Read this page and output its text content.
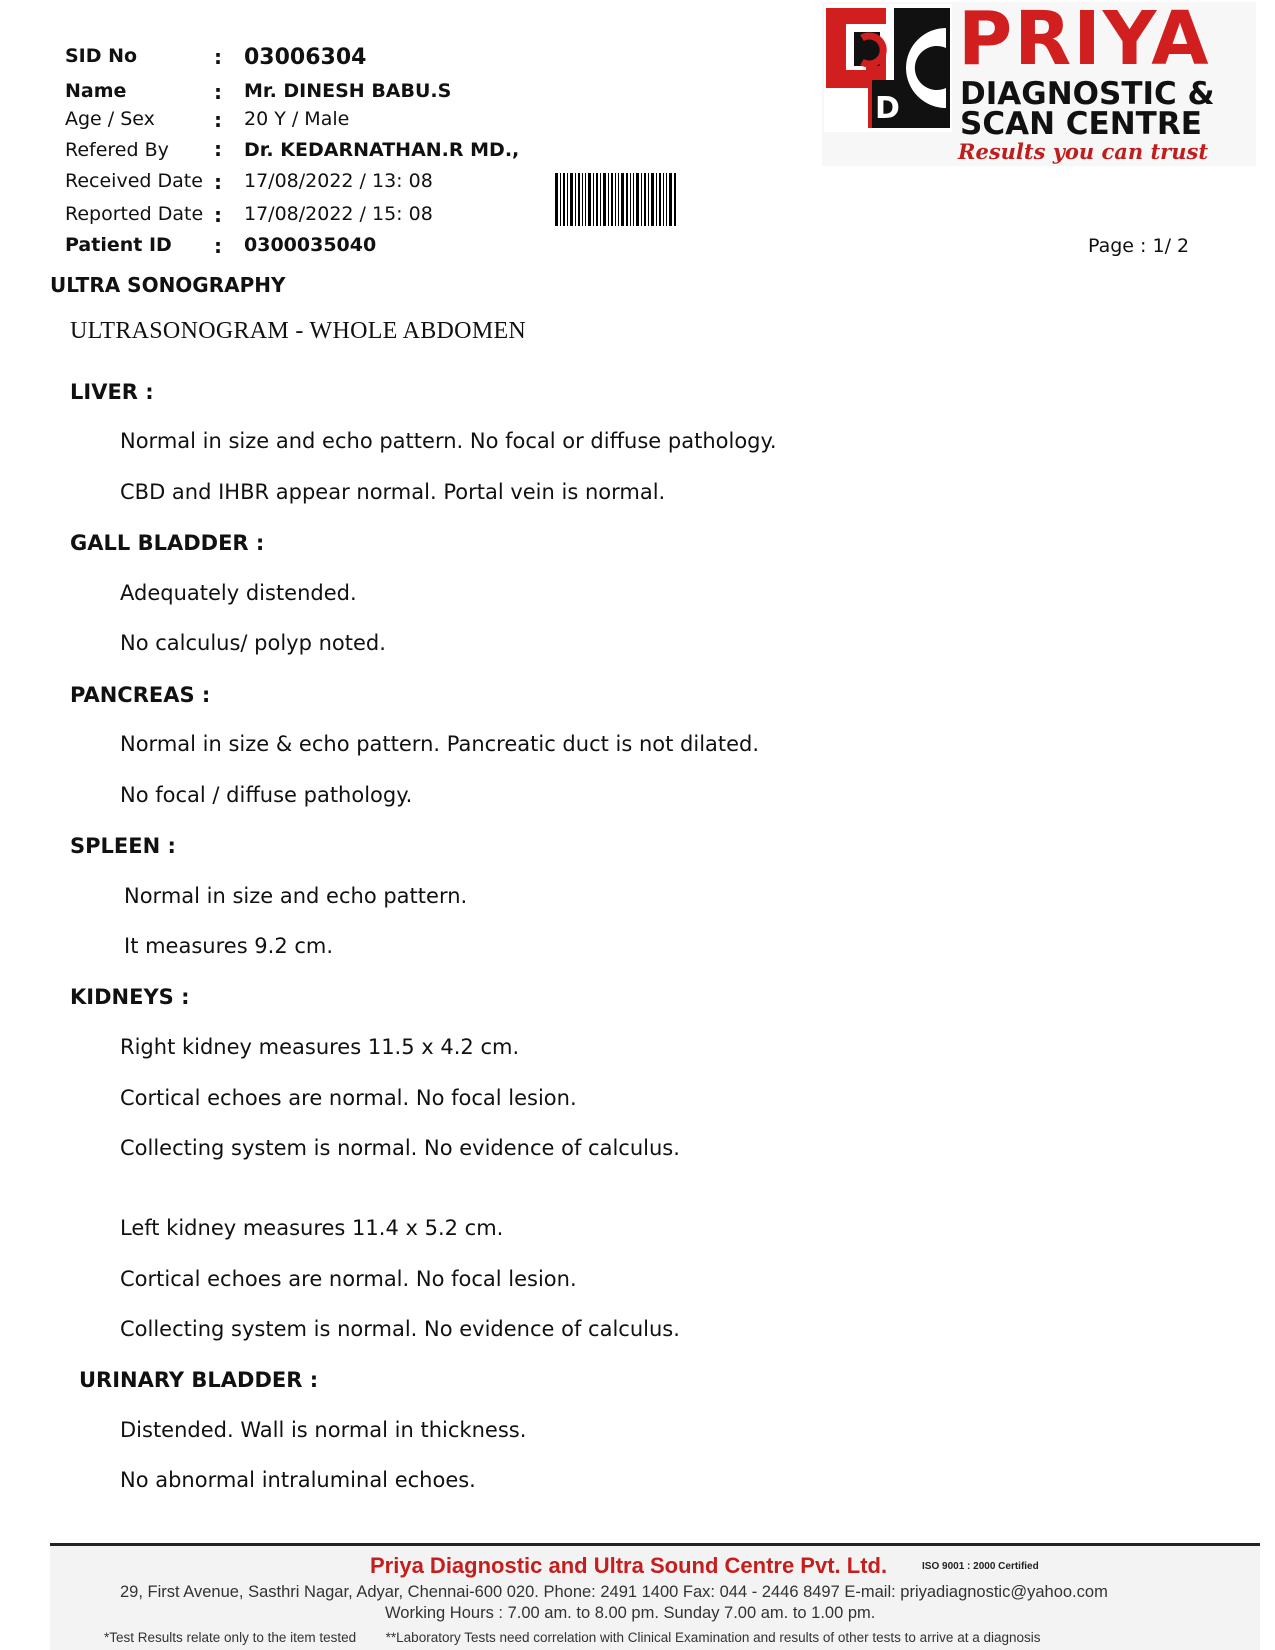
SID No	: 03006304
Name	: Mr. DINESH BABU.S
Age / Sex	: 20 Y / Male
Refered By : Dr. KEDARNATHAN.R MD.,
Received Date : 17/08/2022 / 13: 08
Reported Date : 17/08/2022 / 15: 08
Patient ID : 0300035040
D
PRIYA
DIAGNOSTIC &
SCAN CENTRE
Results you can trust
Page : 1/ 2
ULTRA SONOGRAPHY
ULTRASONOGRAM - WHOLE ABDOMEN
LIVER :
Normal in size and echo pattern. No focal or diffuse pathology.
CBD and IHBR appear normal. Portal vein is normal.
GALL BLADDER :
Adequately distended.
No calculus/ polyp noted.
PANCREAS :
Normal in size & echo pattern. Pancreatic duct is not dilated.
No focal / diffuse pathology.
SPLEEN :
Normal in size and echo pattern.
It measures 9.2 cm.
KIDNEYS :
Right kidney measures 11.5 x 4.2 cm.
Cortical echoes are normal. No focal lesion.
Collecting system is normal. No evidence of calculus.
Left kidney measures 11.4 x 5.2 cm.
Cortical echoes are normal. No focal lesion.
Collecting system is normal. No evidence of calculus.
URINARY BLADDER :
Distended. Wall is normal in thickness.
No abnormal intraluminal echoes.
Priya Diagnostic and Ultra Sound Centre Pvt. Ltd.	ISO 9001 : 2000 Certified
29, First Avenue, Sasthri Nagar, Adyar, Chennai-600 020. Phone: 2491 1400 Fax: 044 - 2446 8497 E-mail: priyadiagnostic@yahoo.com
Working Hours : 7.00 am. to 8.00 pm. Sunday 7.00 am. to 1.00 pm.
*Test Results relate only to the item tested **Laboratory Tests need correlation with Clinical Examination and results of other tests to arrive at a diagnosis
